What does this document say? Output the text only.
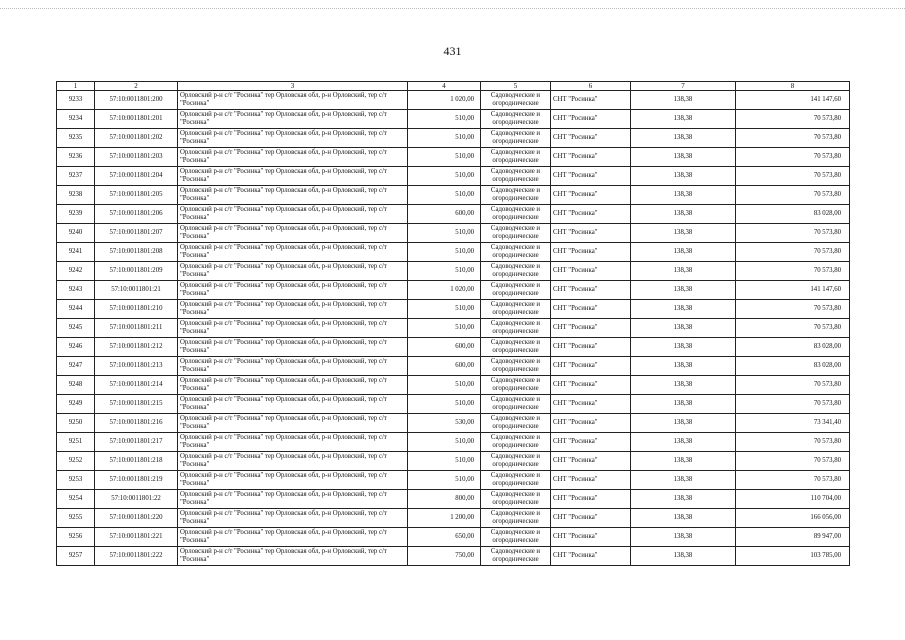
431
1	2	3	4	5	6	7	8
9233	57:10:0011801:200	Орловский р-н с/т "Росинка" тер Орловская обл, р-н Орловский, тер с/т "Росинка"	1 020,00	Садоводческие и огороднические	СНТ "Росинка"	138,38	141 147,60
9234	57:10:0011801:201	Орловский р-н с/т "Росинка" тер Орловская обл, р-н Орловский, тер с/т "Росинка"	510,00	Садоводческие и огороднические	СНТ "Росинка"	138,38	70 573,80
9235	57:10:0011801:202	Орловский р-н с/т "Росинка" тер Орловская обл, р-н Орловский, тер с/т "Росинка"	510,00	Садоводческие и огороднические	СНТ "Росинка"	138,38	70 573,80
9236	57:10:0011801:203	Орловский р-н с/т "Росинка" тер Орловская обл, р-н Орловский, тер с/т "Росинка"	510,00	Садоводческие и огороднические	СНТ "Росинка"	138,38	70 573,80
9237	57:10:0011801:204	Орловский р-н с/т "Росинка" тер Орловская обл, р-н Орловский, тер с/т "Росинка"	510,00	Садоводческие и огороднические	СНТ "Росинка"	138,38	70 573,80
9238	57:10:0011801:205	Орловский р-н с/т "Росинка" тер Орловская обл, р-н Орловский, тер с/т "Росинка"	510,00	Садоводческие и огороднические	СНТ "Росинка"	138,38	70 573,80
9239	57:10:0011801:206	Орловский р-н с/т "Росинка" тер Орловская обл, р-н Орловский, тер с/т "Росинка"	600,00	Садоводческие и огороднические	СНТ "Росинка"	138,38	83 028,00
9240	57:10:0011801:207	Орловский р-н с/т "Росинка" тер Орловская обл, р-н Орловский, тер с/т "Росинка"	510,00	Садоводческие и огороднические	СНТ "Росинка"	138,38	70 573,80
9241	57:10:0011801:208	Орловский р-н с/т "Росинка" тер Орловская обл, р-н Орловский, тер с/т "Росинка"	510,00	Садоводческие и огороднические	СНТ "Росинка"	138,38	70 573,80
9242	57:10:0011801:209	Орловский р-н с/т "Росинка" тер Орловская обл, р-н Орловский, тер с/т "Росинка"	510,00	Садоводческие и огороднические	СНТ "Росинка"	138,38	70 573,80
9243	57:10:0011801:21	Орловский р-н с/т "Росинка" тер Орловская обл, р-н Орловский, тер с/т "Росинка"	1 020,00	Садоводческие и огороднические	СНТ "Росинка"	138,38	141 147,60
9244	57:10:0011801:210	Орловский р-н с/т "Росинка" тер Орловская обл, р-н Орловский, тер с/т "Росинка"	510,00	Садоводческие и огороднические	СНТ "Росинка"	138,38	70 573,80
9245	57:10:0011801:211	Орловский р-н с/т "Росинка" тер Орловская обл, р-н Орловский, тер с/т "Росинка"	510,00	Садоводческие и огороднические	СНТ "Росинка"	138,38	70 573,80
9246	57:10:0011801:212	Орловский р-н с/т "Росинка" тер Орловская обл, р-н Орловский, тер с/т "Росинка"	600,00	Садоводческие и огороднические	СНТ "Росинка"	138,38	83 028,00
9247	57:10:0011801:213	Орловский р-н с/т "Росинка" тер Орловская обл, р-н Орловский, тер с/т "Росинка"	600,00	Садоводческие и огороднические	СНТ "Росинка"	138,38	83 028,00
9248	57:10:0011801:214	Орловский р-н с/т "Росинка" тер Орловская обл, р-н Орловский, тер с/т "Росинка"	510,00	Садоводческие и огороднические	СНТ "Росинка"	138,38	70 573,80
9249	57:10:0011801:215	Орловский р-н с/т "Росинка" тер Орловская обл, р-н Орловский, тер с/т "Росинка"	510,00	Садоводческие и огороднические	СНТ "Росинка"	138,38	70 573,80
9250	57:10:0011801:216	Орловский р-н с/т "Росинка" тер Орловская обл, р-н Орловский, тер с/т "Росинка"	530,00	Садоводческие и огороднические	СНТ "Росинка"	138,38	73 341,40
9251	57:10:0011801:217	Орловский р-н с/т "Росинка" тер Орловская обл, р-н Орловский, тер с/т "Росинка"	510,00	Садоводческие и огороднические	СНТ "Росинка"	138,38	70 573,80
9252	57:10:0011801:218	Орловский р-н с/т "Росинка" тер Орловская обл, р-н Орловский, тер с/т "Росинка"	510,00	Садоводческие и огороднические	СНТ "Росинка"	138,38	70 573,80
9253	57:10:0011801:219	Орловский р-н с/т "Росинка" тер Орловская обл, р-н Орловский, тер с/т "Росинка"	510,00	Садоводческие и огороднические	СНТ "Росинка"	138,38	70 573,80
9254	57:10:0011801:22	Орловский р-н с/т "Росинка" тер Орловская обл, р-н Орловский, тер с/т "Росинка"	800,00	Садоводческие и огороднические	СНТ "Росинка"	138,38	110 704,00
9255	57:10:0011801:220	Орловский р-н с/т "Росинка" тер Орловская обл, р-н Орловский, тер с/т "Росинка"	1 200,00	Садоводческие и огороднические	СНТ "Росинка"	138,38	166 056,00
9256	57:10:0011801:221	Орловский р-н с/т "Росинка" тер Орловская обл, р-н Орловский, тер с/т "Росинка"	650,00	Садоводческие и огороднические	СНТ "Росинка"	138,38	89 947,00
9257	57:10:0011801:222	Орловский р-н с/т "Росинка" тер Орловская обл, р-н Орловский, тер с/т "Росинка"	750,00	Садоводческие и огороднические	СНТ "Росинка"	138,38	103 785,00
